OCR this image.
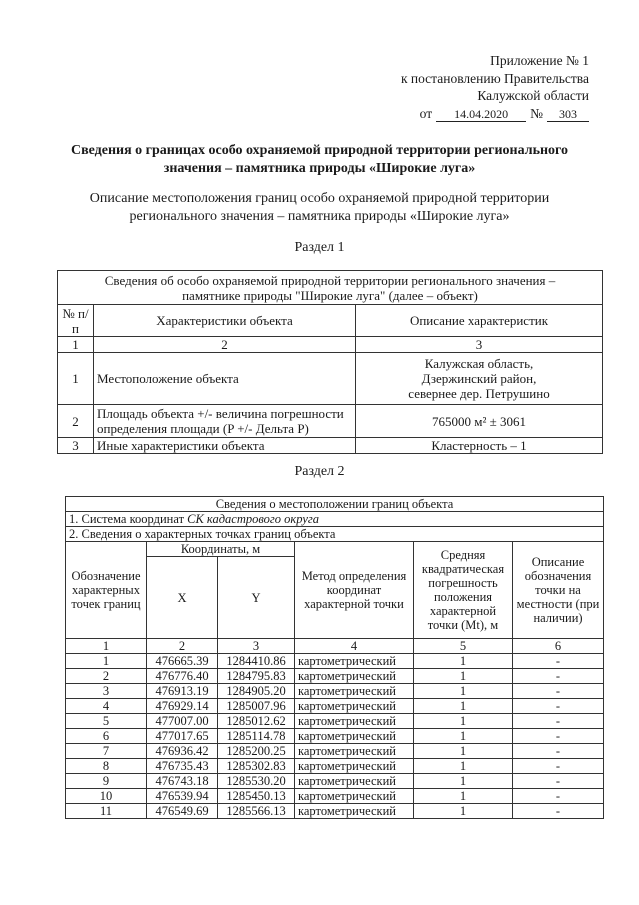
Приложение № 1
к постановлению Правительства
Калужской области
от	14.04.2020	№	303
Сведения о границах особо охраняемой природной территории регионального
значения – памятника природы «Широкие луга»
Описание местоположения границ особо охраняемой природной территории
регионального значения – памятника природы «Широкие луга»
Раздел 1
Сведения об особо охраняемой природной территории регионального значения –
памятнике природы "Широкие луга" (далее – объект)		

№ п/п	Характеристики объекта	Описание характеристик
1	2	3
1	Местоположение объекта	Калужская область,
Дзержинский район,
севернее дер. Петрушино

2	Площадь объекта +/- величина погрешности
определения площади (P +/- Дельта P)	765000 м² ± 3061
3	Иные характеристики объекта	Кластерность – 1
Раздел 2
Сведения о местоположении границ объекта					
1. Система координат СК кадастрового округа					
2. Сведения о характерных точках границ объекта					
Обозначение характерных точек границ	Координаты, м		Метод определения координат характерной точки	Средняя квадратическая погрешность положения характерной точки (Mt), м	Описание обозначения точки на местности (при наличии)
	X	Y			
1	2	3	4	5	6
1	476665.39	1284410.86	картометрический	1	-
2	476776.40	1284795.83	картометрический	1	-
3	476913.19	1284905.20	картометрический	1	-
4	476929.14	1285007.96	картометрический	1	-
5	477007.00	1285012.62	картометрический	1	-
6	477017.65	1285114.78	картометрический	1	-
7	476936.42	1285200.25	картометрический	1	-
8	476735.43	1285302.83	картометрический	1	-
9	476743.18	1285530.20	картометрический	1	-
10	476539.94	1285450.13	картометрический	1	-
11	476549.69	1285566.13	картометрический	1	-
